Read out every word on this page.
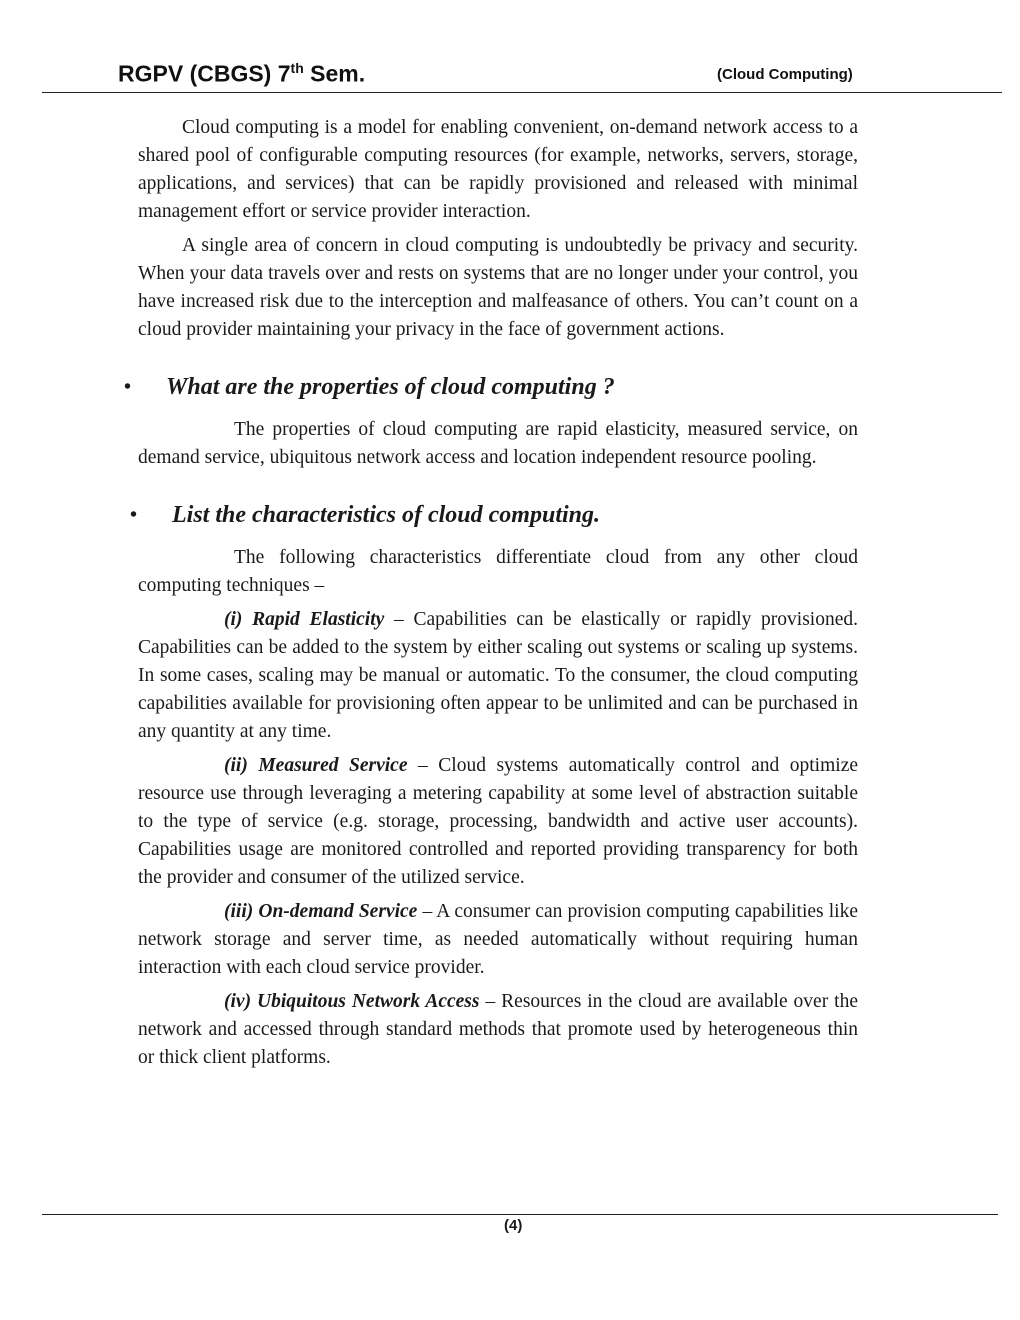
RGPV (CBGS) 7th Sem.	(Cloud Computing)

Cloud computing is a model for enabling convenient, on-demand network access to a shared pool of configurable computing resources (for example, networks, servers, storage, applications, and services) that can be rapidly provisioned and released with minimal management effort or service provider interaction.

A single area of concern in cloud computing is undoubtedly be privacy and security. When your data travels over and rests on systems that are no longer under your control, you have increased risk due to the interception and malfeasance of others. You can’t count on a cloud provider maintaining your privacy in the face of government actions.

• What are the properties of cloud computing ?

The properties of cloud computing are rapid elasticity, measured service, on demand service, ubiquitous network access and location independent resource pooling.

• List the characteristics of cloud computing.

The following characteristics differentiate cloud from any other cloud computing techniques –

(i) Rapid Elasticity – Capabilities can be elastically or rapidly provisioned. Capabilities can be added to the system by either scaling out systems or scaling up systems. In some cases, scaling may be manual or automatic. To the consumer, the cloud computing capabilities available for provisioning often appear to be unlimited and can be purchased in any quantity at any time.

(ii) Measured Service – Cloud systems automatically control and optimize resource use through leveraging a metering capability at some level of abstraction suitable to the type of service (e.g. storage, processing, bandwidth and active user accounts). Capabilities usage are monitored controlled and reported providing transparency for both the provider and consumer of the utilized service.

(iii) On-demand Service – A consumer can provision computing capabilities like network storage and server time, as needed automatically without requiring human interaction with each cloud service provider.

(iv) Ubiquitous Network Access – Resources in the cloud are available over the network and accessed through standard methods that promote used by heterogeneous thin or thick client platforms.

(4)
